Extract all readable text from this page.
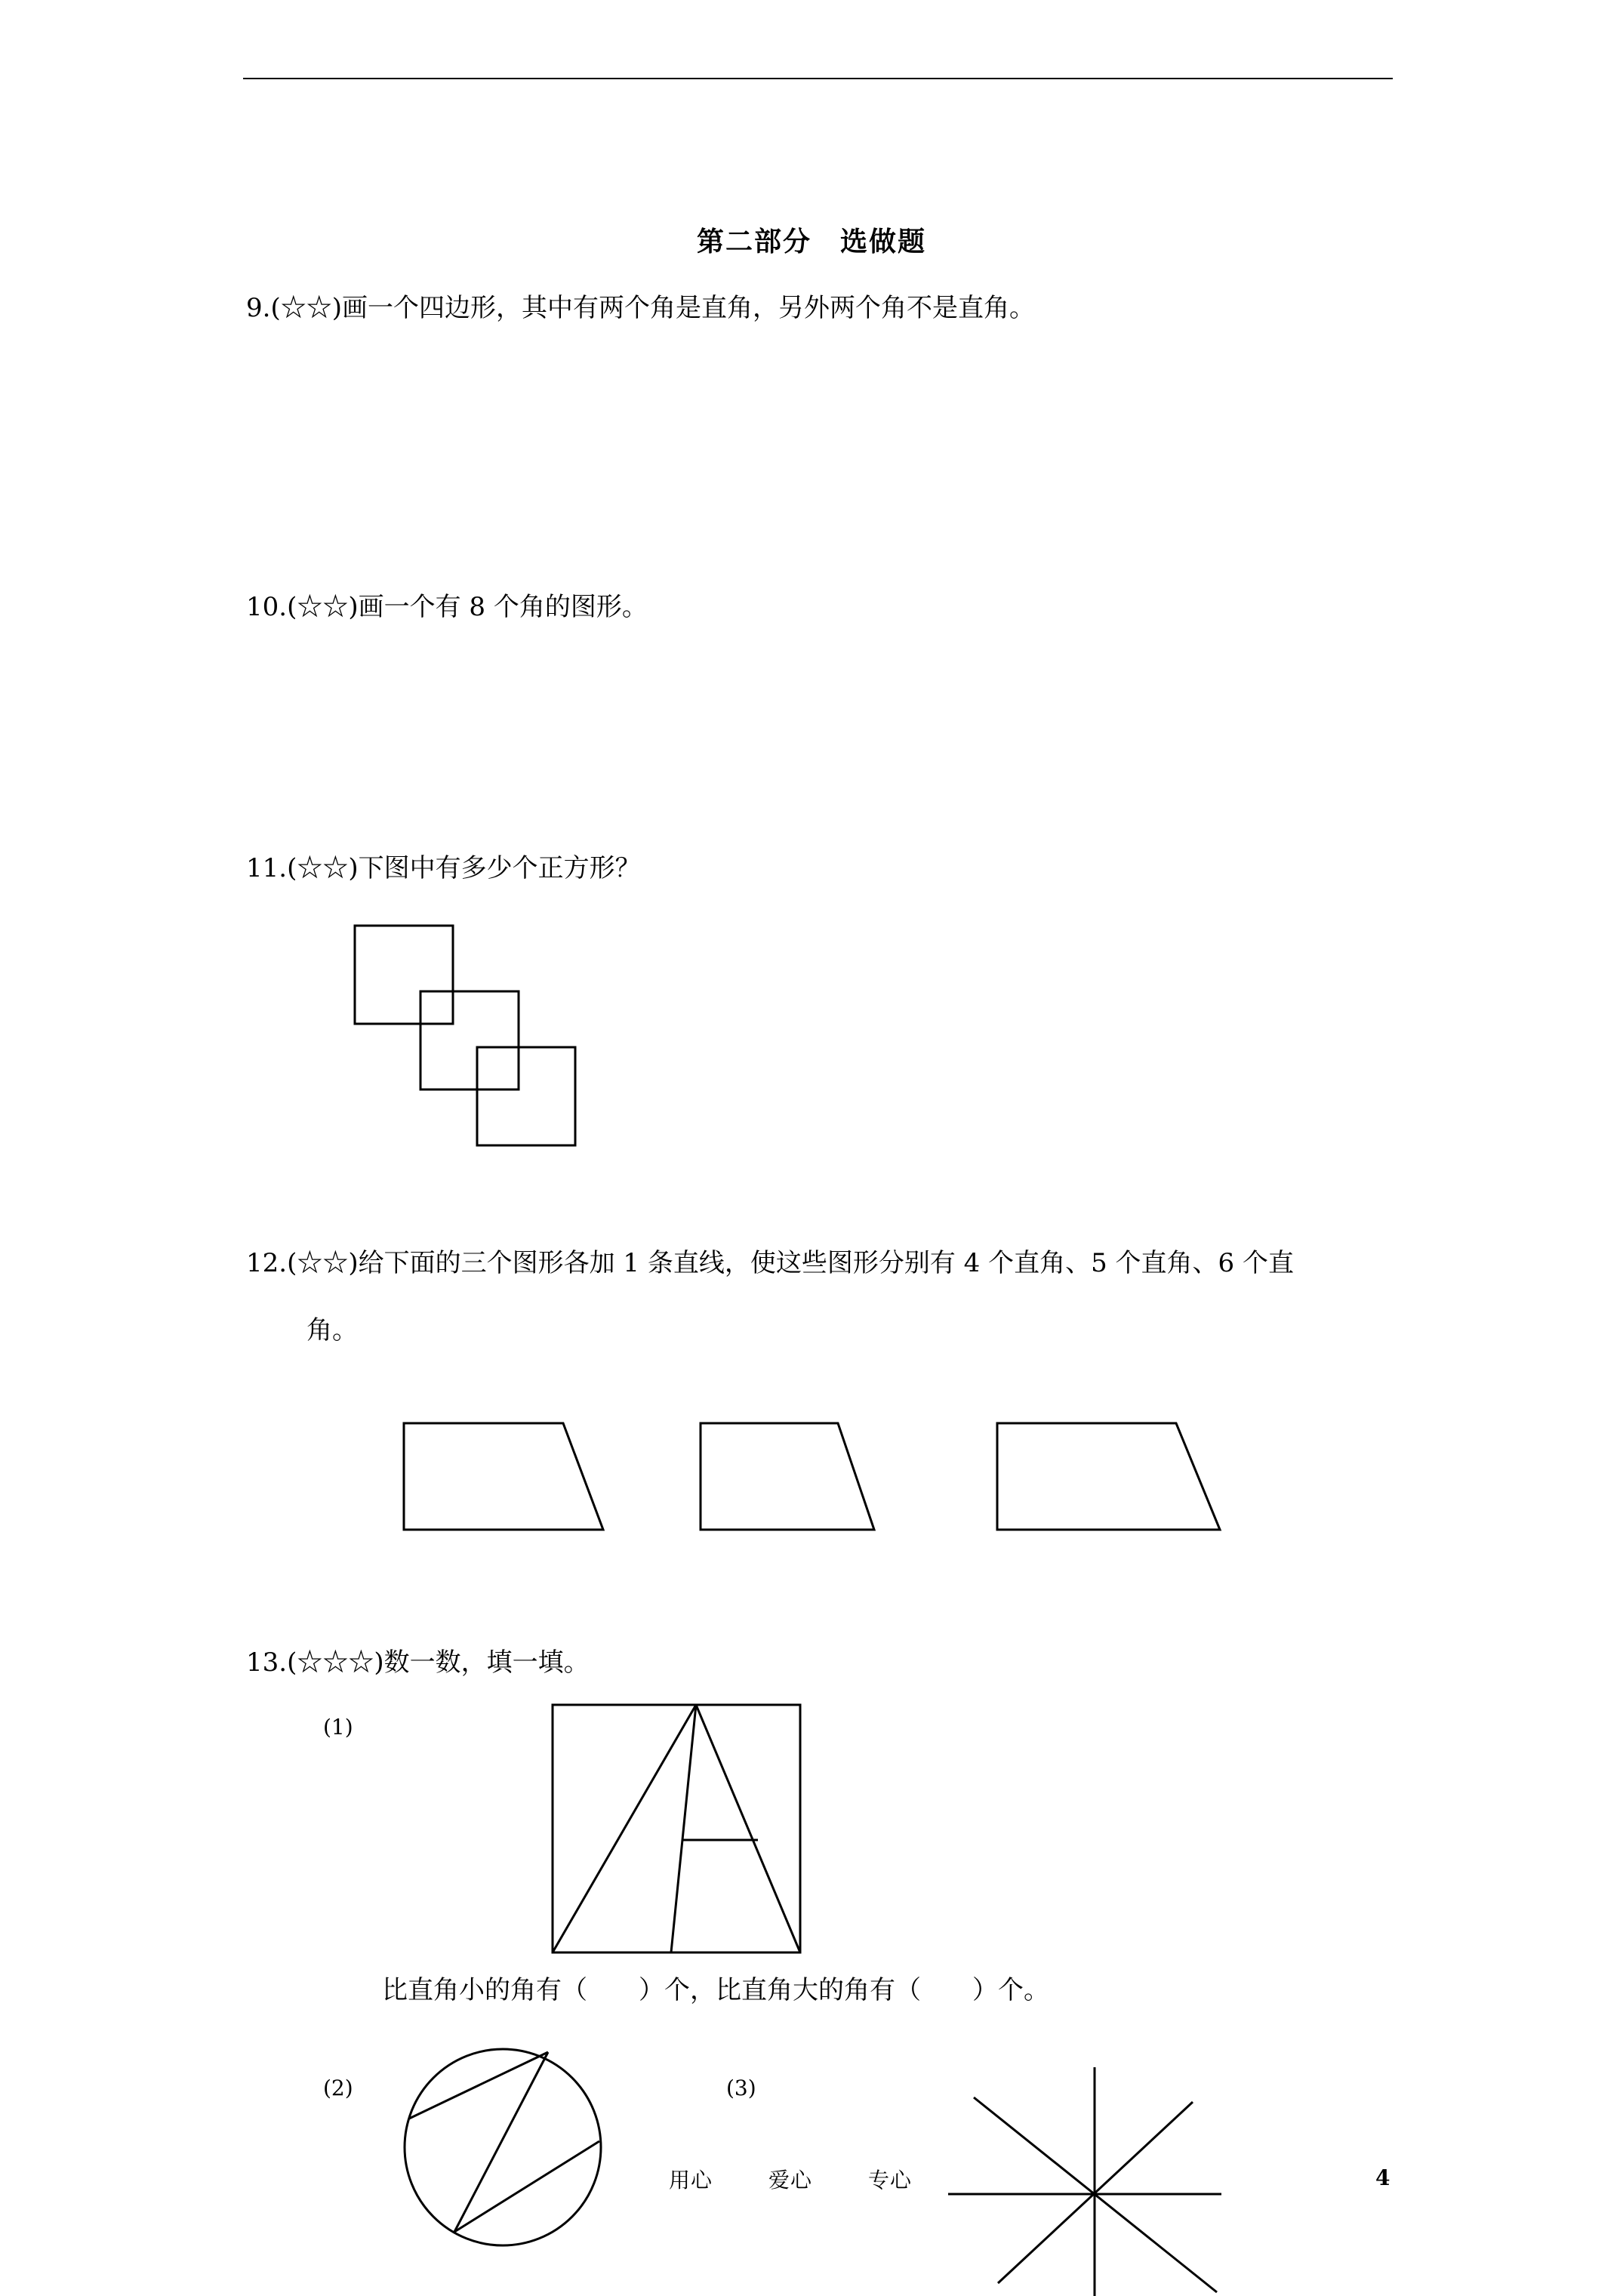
第二部分　选做题
9.(☆☆)画一个四边形，其中有两个角是直角，另外两个角不是直角。
10.(☆☆)画一个有 8 个角的图形。
11.(☆☆)下图中有多少个正方形？
12.(☆☆)给下面的三个图形各加 1 条直线，使这些图形分别有 4 个直角、5 个直角、6 个直
角。
13.(☆☆☆)数一数，填一填。
(1)
比直角小的角有（　　）个，比直角大的角有（　　）个。
(2)	(3)
用心	爱心	专心	4
